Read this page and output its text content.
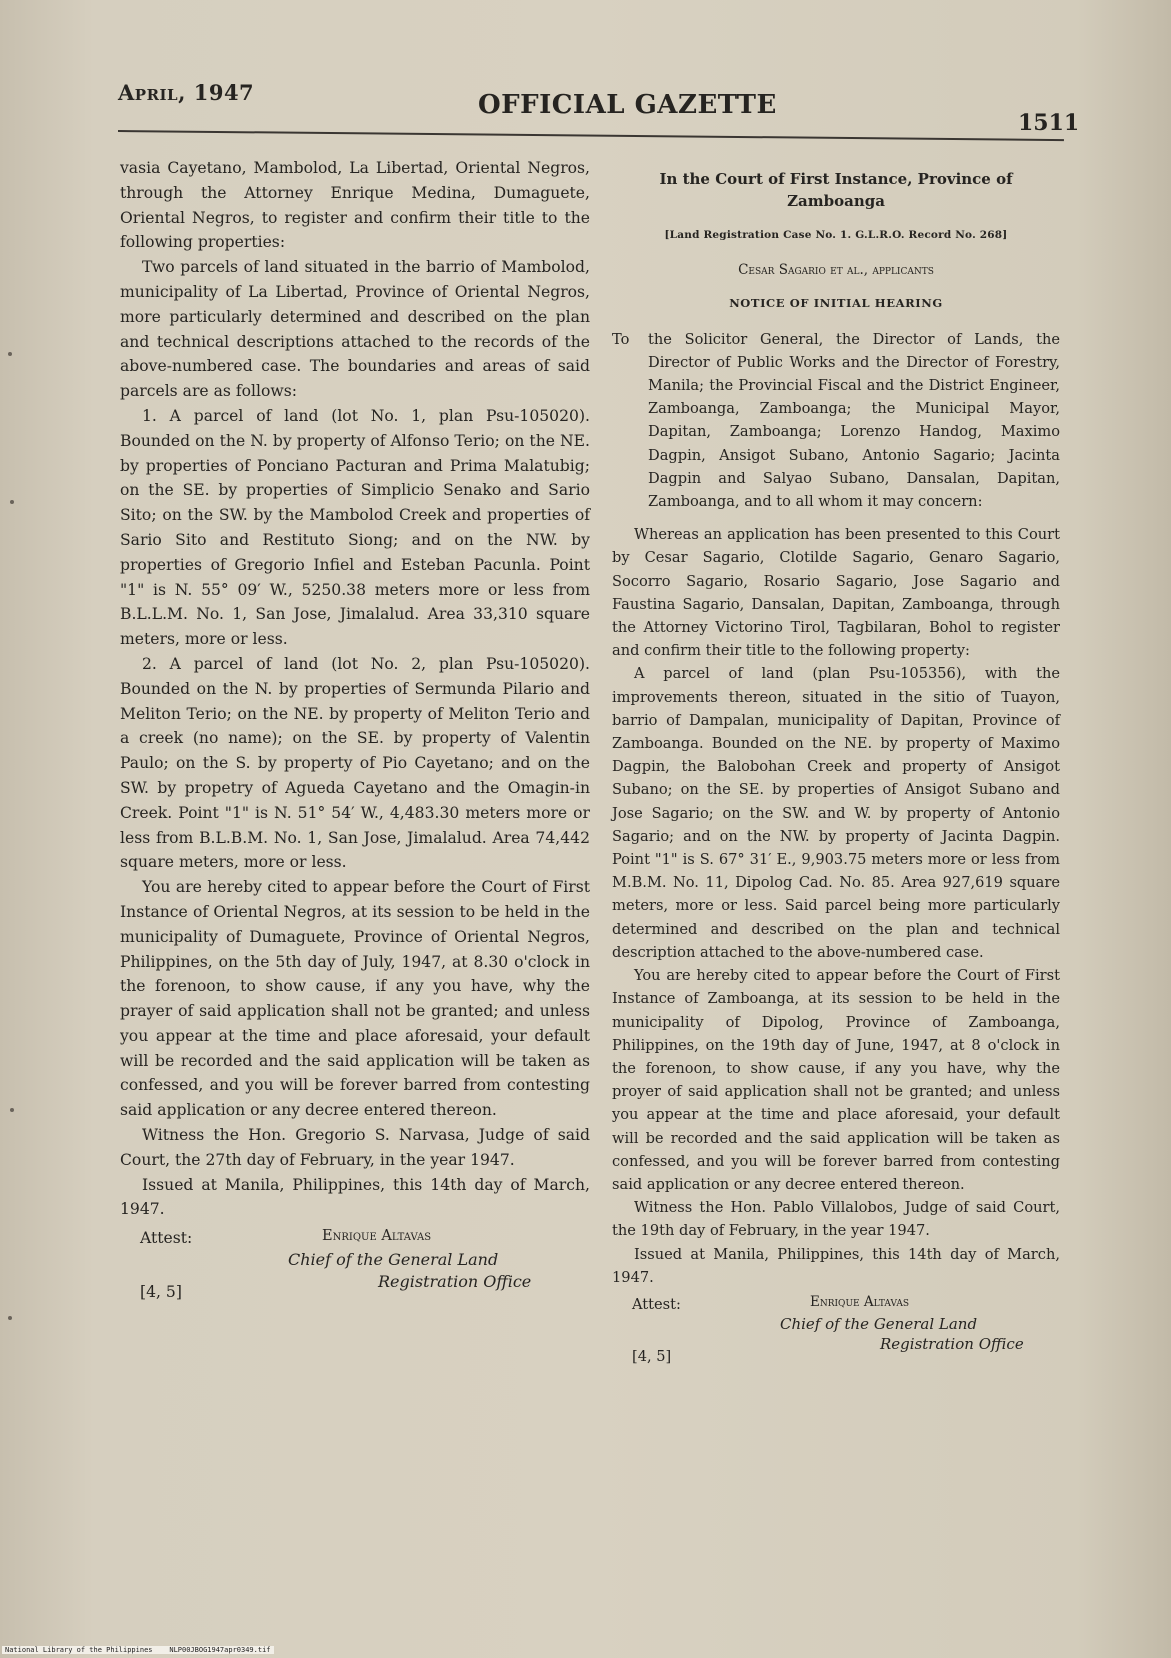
April, 1947	OFFICIAL GAZETTE
1511

vasia Cayetano, Mambolod, La Libertad, Oriental Negros, through the Attorney Enrique Medina, Dumaguete, Oriental Negros, to register and confirm their title to the following properties:

Two parcels of land situated in the barrio of Mambolod, municipality of La Libertad, Province of Oriental Negros, more particularly determined and described on the plan and technical descriptions attached to the records of the above-numbered case. The boundaries and areas of said parcels are as follows:

1. A parcel of land (lot No. 1, plan Psu-105020). Bounded on the N. by property of Alfonso Terio; on the NE. by properties of Ponciano Pacturan and Prima Malatubig; on the SE. by properties of Simplicio Senako and Sario Sito; on the SW. by the Mambolod Creek and properties of Sario Sito and Restituto Siong; and on the NW. by properties of Gregorio Infiel and Esteban Pacunla. Point "1" is N. 55° 09′ W., 5250.38 meters more or less from B.L.L.M. No. 1, San Jose, Jimalalud. Area 33,310 square meters, more or less.

2. A parcel of land (lot No. 2, plan Psu-105020). Bounded on the N. by properties of Sermunda Pilario and Meliton Terio; on the NE. by property of Meliton Terio and a creek (no name); on the SE. by property of Valentin Paulo; on the S. by property of Pio Cayetano; and on the SW. by propetry of Agueda Cayetano and the Omagin-in Creek. Point "1" is N. 51° 54′ W., 4,483.30 meters more or less from B.L.B.M. No. 1, San Jose, Jimalalud. Area 74,442 square meters, more or less.

You are hereby cited to appear before the Court of First Instance of Oriental Negros, at its session to be held in the municipality of Dumaguete, Province of Oriental Negros, Philippines, on the 5th day of July, 1947, at 8.30 o'clock in the forenoon, to show cause, if any you have, why the prayer of said application shall not be granted; and unless you appear at the time and place aforesaid, your default will be recorded and the said application will be taken as confessed, and you will be forever barred from contesting said application or any decree entered thereon.

Witness the Hon. Gregorio S. Narvasa, Judge of said Court, the 27th day of February, in the year 1947.

Issued at Manila, Philippines, this 14th day of March, 1947.

Attest:	Enrique Altavas
Chief of the General Land
Registration Office
[4, 5]
In the Court of First Instance, Province of Zamboanga
[Land Registration Case No. 1. G.L.R.O. Record No. 268]
Cesar Sagario et al., applicants
NOTICE OF INITIAL HEARING
To	the Solicitor General, the Director of Lands, the Director of Public Works and the Director of Forestry, Manila; the Provincial Fiscal and the District Engineer, Zamboanga, Zamboanga; the Municipal Mayor, Dapitan, Zamboanga; Lorenzo Handog, Maximo Dagpin, Ansigot Subano, Antonio Sagario; Jacinta Dagpin and Salyao Subano, Dansalan, Dapitan, Zamboanga, and to all whom it may concern:

Whereas an application has been presented to this Court by Cesar Sagario, Clotilde Sagario, Genaro Sagario, Socorro Sagario, Rosario Sagario, Jose Sagario and Faustina Sagario, Dansalan, Dapitan, Zamboanga, through the Attorney Victorino Tirol, Tagbilaran, Bohol to register and confirm their title to the following property:

A parcel of land (plan Psu-105356), with the improvements thereon, situated in the sitio of Tuayon, barrio of Dampalan, municipality of Dapitan, Province of Zamboanga. Bounded on the NE. by property of Maximo Dagpin, the Balobohan Creek and property of Ansigot Subano; on the SE. by properties of Ansigot Subano and Jose Sagario; on the SW. and W. by property of Antonio Sagario; and on the NW. by property of Jacinta Dagpin. Point "1" is S. 67° 31′ E., 9,903.75 meters more or less from M.B.M. No. 11, Dipolog Cad. No. 85. Area 927,619 square meters, more or less. Said parcel being more particularly determined and described on the plan and technical description attached to the above-numbered case.

You are hereby cited to appear before the Court of First Instance of Zamboanga, at its session to be held in the municipality of Dipolog, Province of Zamboanga, Philippines, on the 19th day of June, 1947, at 8 o'clock in the forenoon, to show cause, if any you have, why the proyer of said application shall not be granted; and unless you appear at the time and place aforesaid, your default will be recorded and the said application will be taken as confessed, and you will be forever barred from contesting said application or any decree entered thereon.

Witness the Hon. Pablo Villalobos, Judge of said Court, the 19th day of February, in the year 1947.

Issued at Manila, Philippines, this 14th day of March, 1947.

Attest:	Enrique Altavas
Chief of the General Land
Registration Office
[4, 5]
National Library of the Philippines    NLP00JBOG1947apr0349.tif
